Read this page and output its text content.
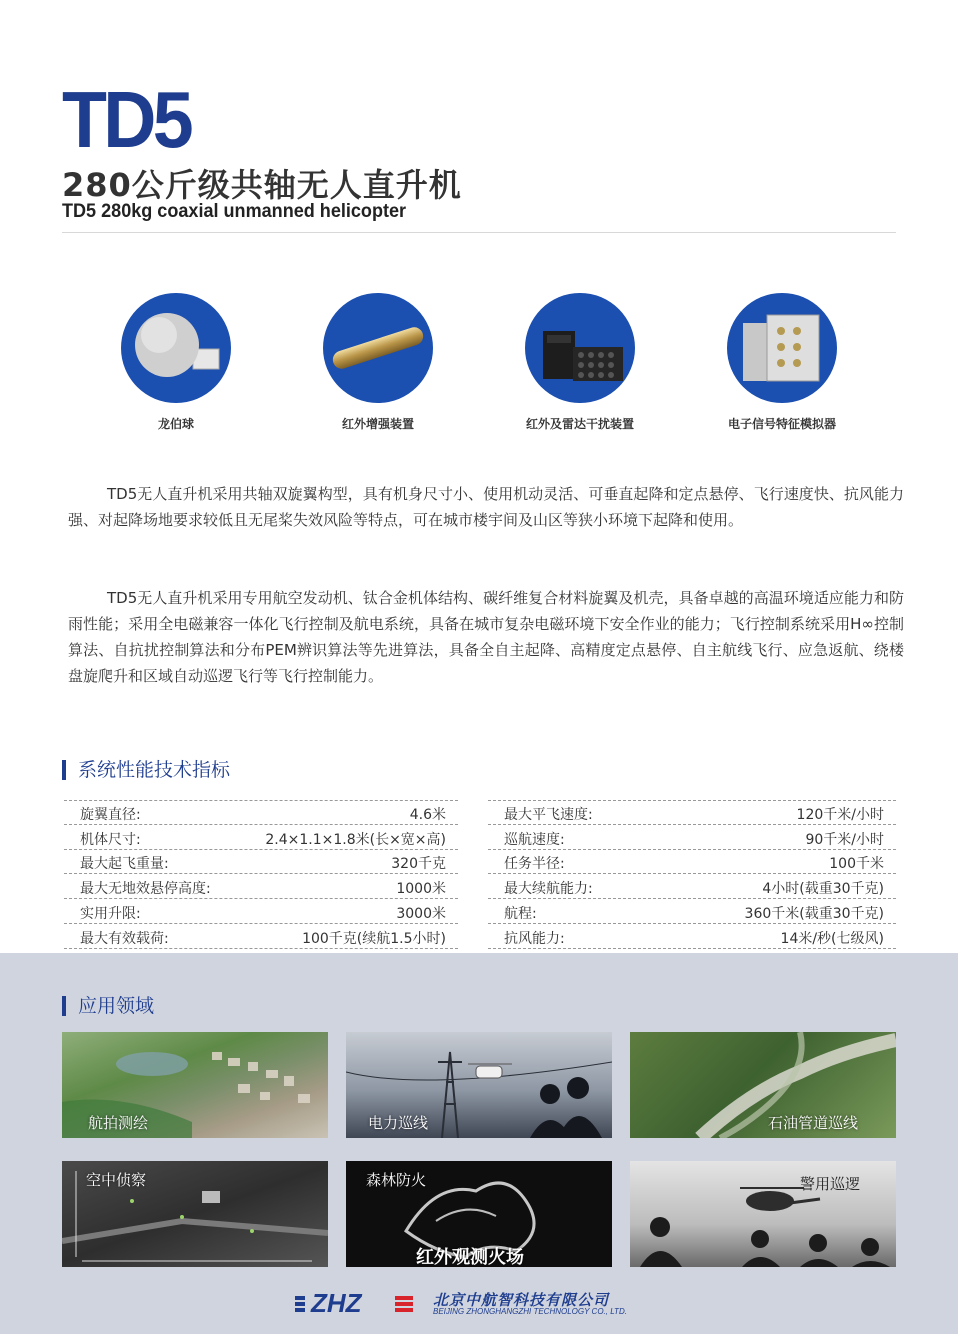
TD5
280公斤级共轴无人直升机
TD5 280kg coaxial unmanned helicopter
龙伯球	红外增强装置	红外及雷达干扰装置	电子信号特征模拟器
TD5无人直升机采用共轴双旋翼构型，具有机身尺寸小、使用机动灵活、可垂直起降和定点悬停、飞行速度快、抗风能力强、对起降场地要求较低且无尾桨失效风险等特点，可在城市楼宇间及山区等狭小环境下起降和使用。
TD5无人直升机采用专用航空发动机、钛合金机体结构、碳纤维复合材料旋翼及机壳，具备卓越的高温环境适应能力和防雨性能；采用全电磁兼容一体化飞行控制及航电系统，具备在城市复杂电磁环境下安全作业的能力；飞行控制系统采用H∞控制算法、自抗扰控制算法和分布PEM辨识算法等先进算法，具备全自主起降、高精度定点悬停、自主航线飞行、应急返航、绕楼盘旋爬升和区域自动巡逻飞行等飞行控制能力。
系统性能技术指标
旋翼直径:	4.6米
机体尺寸:	2.4×1.1×1.8米(长×宽×高)
最大起飞重量:	320千克
最大无地效悬停高度:	1000米
实用升限:	3000米
最大有效载荷:	100千克(续航1.5小时)
最大平飞速度:	120千米/小时
巡航速度:	90千米/小时
任务半径:	100千米
最大续航能力:	4小时(载重30千克)
航程:	360千米(载重30千克)
抗风能力:	14米/秒(七级风)
应用领域
航拍测绘	电力巡线	石油管道巡线
空中侦察	森林防火
红外观测火场
警用巡逻
ZHZ	北京中航智科技有限公司
BEIJING ZHONGHANGZHI TECHNOLOGY CO., LTD.
